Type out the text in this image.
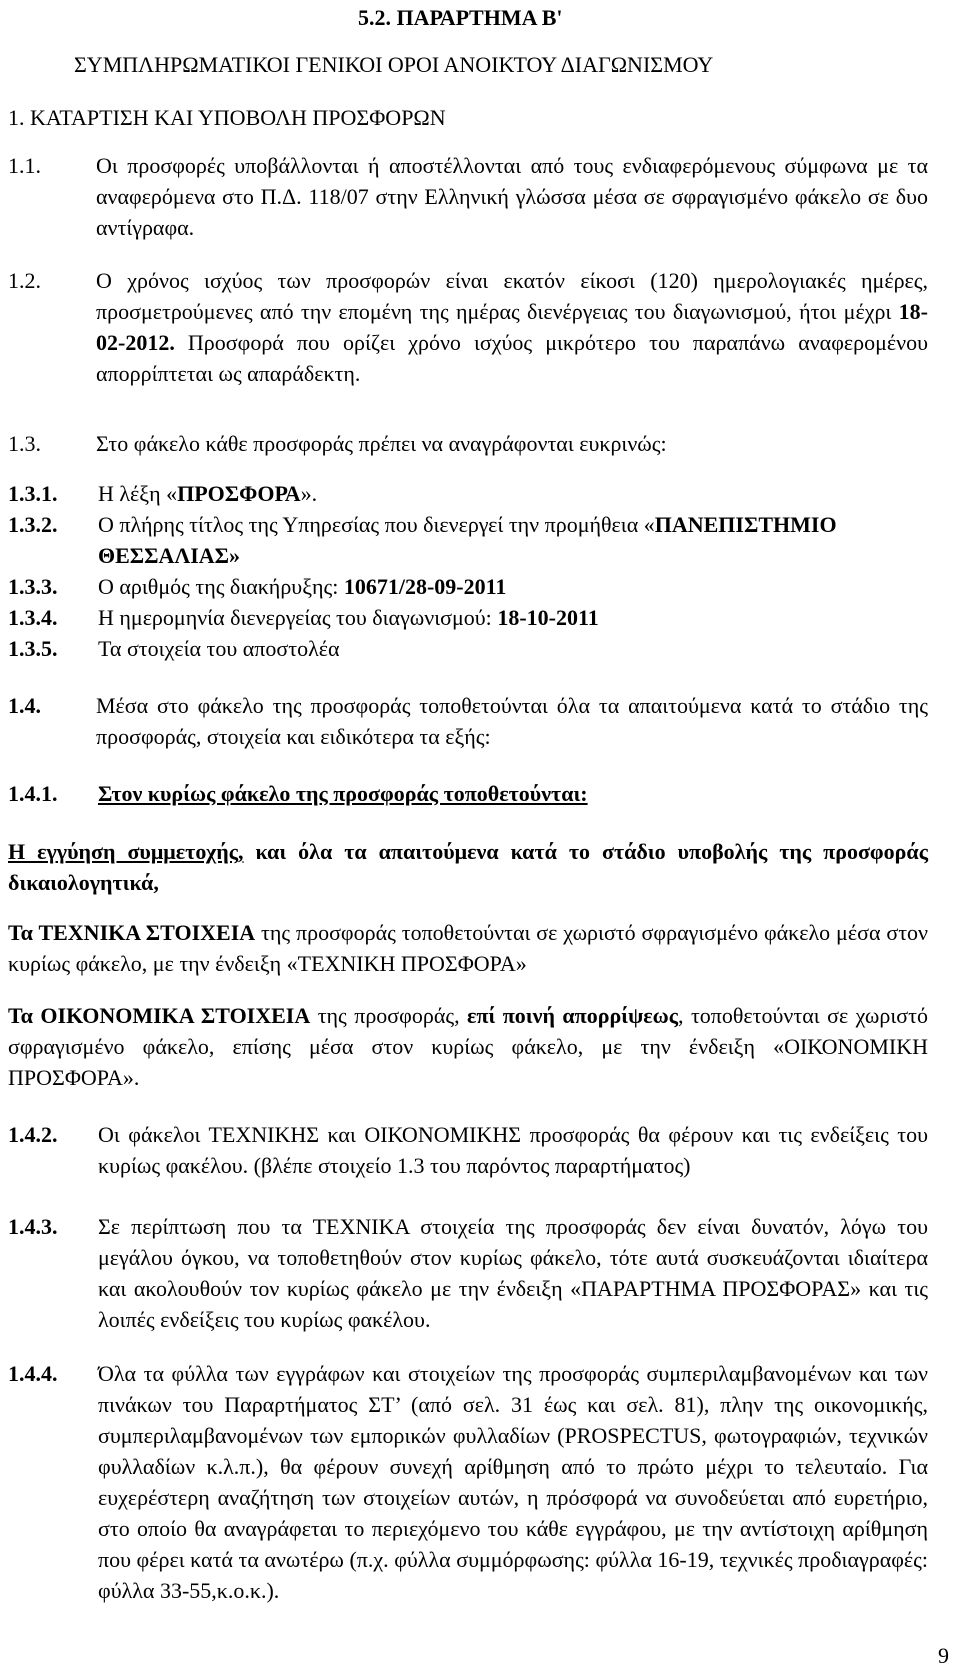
5.2. ΠΑΡΑΡΤΗΜΑ Β'
ΣΥΜΠΛΗΡΩΜΑΤΙΚΟΙ ΓΕΝΙΚΟΙ ΟΡΟΙ ΑΝΟΙΚΤΟΥ ΔΙΑΓΩΝΙΣΜΟΥ
1. ΚΑΤΑΡΤΙΣΗ ΚΑΙ ΥΠΟΒΟΛΗ ΠΡΟΣΦΟΡΩΝ
1.1.	Οι προσφορές υποβάλλονται ή αποστέλλονται από τους ενδιαφερόμενους σύμφωνα με τα αναφερόμενα στο Π.Δ. 118/07 στην Ελληνική γλώσσα μέσα σε σφραγισμένο φάκελο σε δυο αντίγραφα.
1.2.	Ο χρόνος ισχύος των προσφορών είναι εκατόν είκοσι (120) ημερολογιακές ημέρες, προσμετρούμενες από την επομένη της ημέρας διενέργειας του διαγωνισμού, ήτοι μέχρι 18-02-2012. Προσφορά που ορίζει χρόνο ισχύος μικρότερο του παραπάνω αναφερομένου απορρίπτεται ως απαράδεκτη.
1.3.	Στο φάκελο κάθε προσφοράς πρέπει να αναγράφονται ευκρινώς:
1.3.1. Η λέξη «ΠΡΟΣΦΟΡΑ».
1.3.2. Ο πλήρης τίτλος της Υπηρεσίας που διενεργεί την προμήθεια «ΠΑΝΕΠΙΣΤΗΜΙΟ ΘΕΣΣΑΛΙΑΣ»
1.3.3. Ο αριθμός της διακήρυξης: 10671/28-09-2011
1.3.4. Η ημερομηνία διενεργείας του διαγωνισμού: 18-10-2011
1.3.5. Τα στοιχεία του αποστολέα
1.4.	Μέσα στο φάκελο της προσφοράς τοποθετούνται όλα τα απαιτούμενα κατά το στάδιο της προσφοράς, στοιχεία και ειδικότερα τα εξής:
1.4.1. Στον κυρίως φάκελο της προσφοράς τοποθετούνται:
Η εγγύηση συμμετοχής, και όλα τα απαιτούμενα κατά το στάδιο υποβολής της προσφοράς δικαιολογητικά,
Τα ΤΕΧΝΙΚΑ ΣΤΟΙΧΕΙΑ της προσφοράς τοποθετούνται σε χωριστό σφραγισμένο φάκελο μέσα στον κυρίως φάκελο, με την ένδειξη «ΤΕΧΝΙΚΗ ΠΡΟΣΦΟΡΑ»
Τα ΟΙΚΟΝΟΜΙΚΑ ΣΤΟΙΧΕΙΑ της προσφοράς, επί ποινή απορρίψεως, τοποθετούνται σε χωριστό σφραγισμένο φάκελο, επίσης μέσα στον κυρίως φάκελο, με την ένδειξη «ΟΙΚΟΝΟΜΙΚΗ ΠΡΟΣΦΟΡΑ».
1.4.2. Οι φάκελοι ΤΕΧΝΙΚΗΣ και ΟΙΚΟΝΟΜΙΚΗΣ προσφοράς θα φέρουν και τις ενδείξεις του κυρίως φακέλου. (βλέπε στοιχείο 1.3 του παρόντος παραρτήματος)
1.4.3. Σε περίπτωση που τα ΤΕΧΝΙΚΑ στοιχεία της προσφοράς δεν είναι δυνατόν, λόγω του μεγάλου όγκου, να τοποθετηθούν στον κυρίως φάκελο, τότε αυτά συσκευάζονται ιδιαίτερα και ακολουθούν τον κυρίως φάκελο με την ένδειξη «ΠΑΡΑΡΤΗΜΑ ΠΡΟΣΦΟΡΑΣ» και τις λοιπές ενδείξεις του κυρίως φακέλου.
1.4.4. Όλα τα φύλλα των εγγράφων και στοιχείων της προσφοράς συμπεριλαμβανομένων και των πινάκων του Παραρτήματος ΣΤ’ (από σελ. 31 έως και σελ. 81), πλην της οικονομικής, συμπεριλαμβανομένων των εμπορικών φυλλαδίων (PROSPECTUS, φωτογραφιών, τεχνικών φυλλαδίων κ.λ.π.), θα φέρουν συνεχή αρίθμηση από το πρώτο μέχρι το τελευταίο. Για ευχερέστερη αναζήτηση των στοιχείων αυτών, η πρόσφορά να συνοδεύεται από ευρετήριο, στο οποίο θα αναγράφεται το περιεχόμενο του κάθε εγγράφου, με την αντίστοιχη αρίθμηση που φέρει κατά τα ανωτέρω (π.χ. φύλλα συμμόρφωσης: φύλλα 16-19, τεχνικές προδιαγραφές: φύλλα 33-55,κ.ο.κ.).
9
